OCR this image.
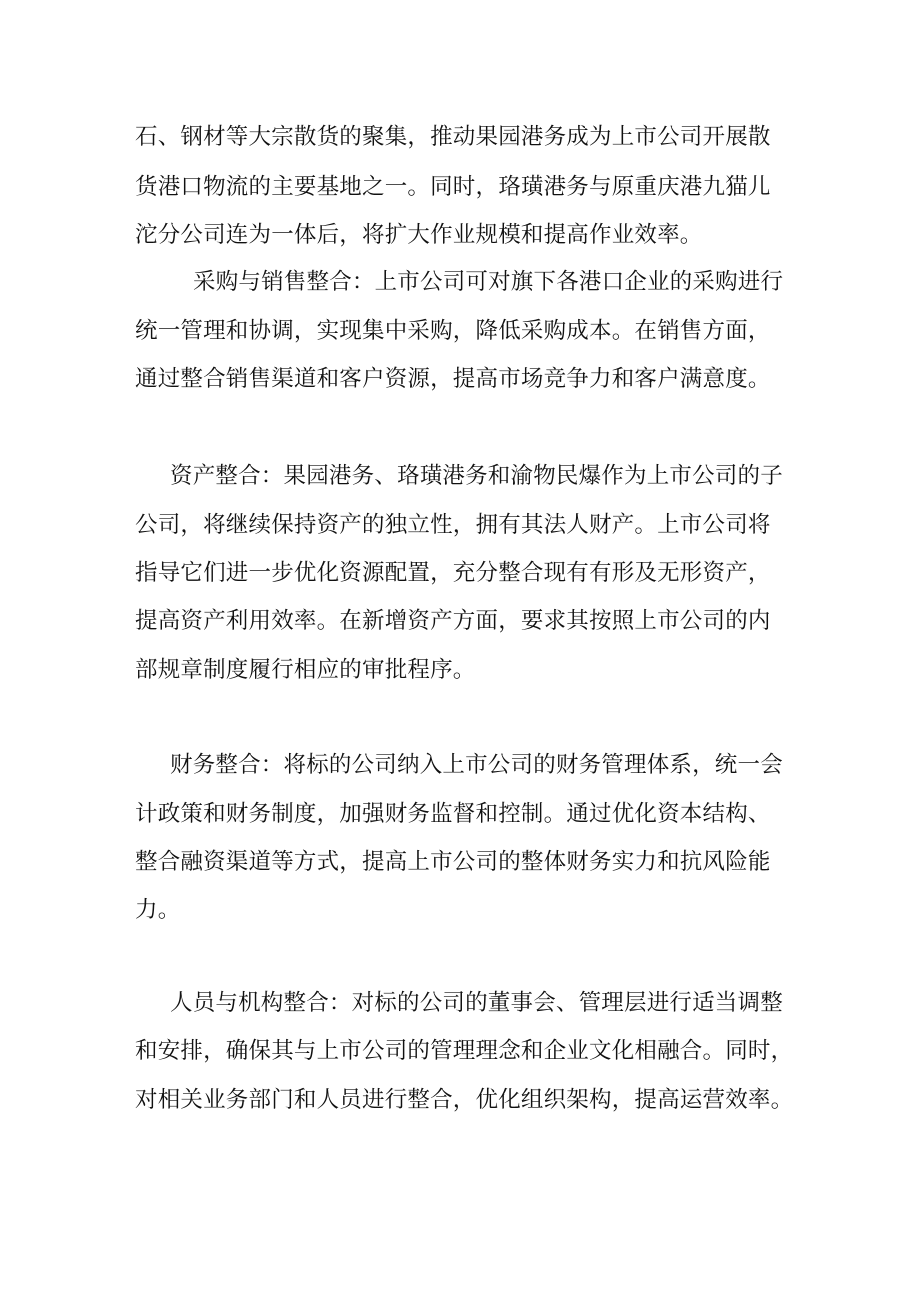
石、钢材等大宗散货的聚集，推动果园港务成为上市公司开展散
货港口物流的主要基地之一。同时，珞璜港务与原重庆港九猫儿
沱分公司连为一体后，将扩大作业规模和提高作业效率。
采购与销售整合：上市公司可对旗下各港口企业的采购进行
统一管理和协调，实现集中采购，降低采购成本。在销售方面，
通过整合销售渠道和客户资源，提高市场竞争力和客户满意度。
资产整合：果园港务、珞璜港务和渝物民爆作为上市公司的子
公司，将继续保持资产的独立性，拥有其法人财产。上市公司将
指导它们进一步优化资源配置，充分整合现有有形及无形资产，
提高资产利用效率。在新增资产方面，要求其按照上市公司的内
部规章制度履行相应的审批程序。
财务整合：将标的公司纳入上市公司的财务管理体系，统一会
计政策和财务制度，加强财务监督和控制。通过优化资本结构、
整合融资渠道等方式，提高上市公司的整体财务实力和抗风险能
力。
人员与机构整合：对标的公司的董事会、管理层进行适当调整
和安排，确保其与上市公司的管理理念和企业文化相融合。同时，
对相关业务部门和人员进行整合，优化组织架构，提高运营效率。
